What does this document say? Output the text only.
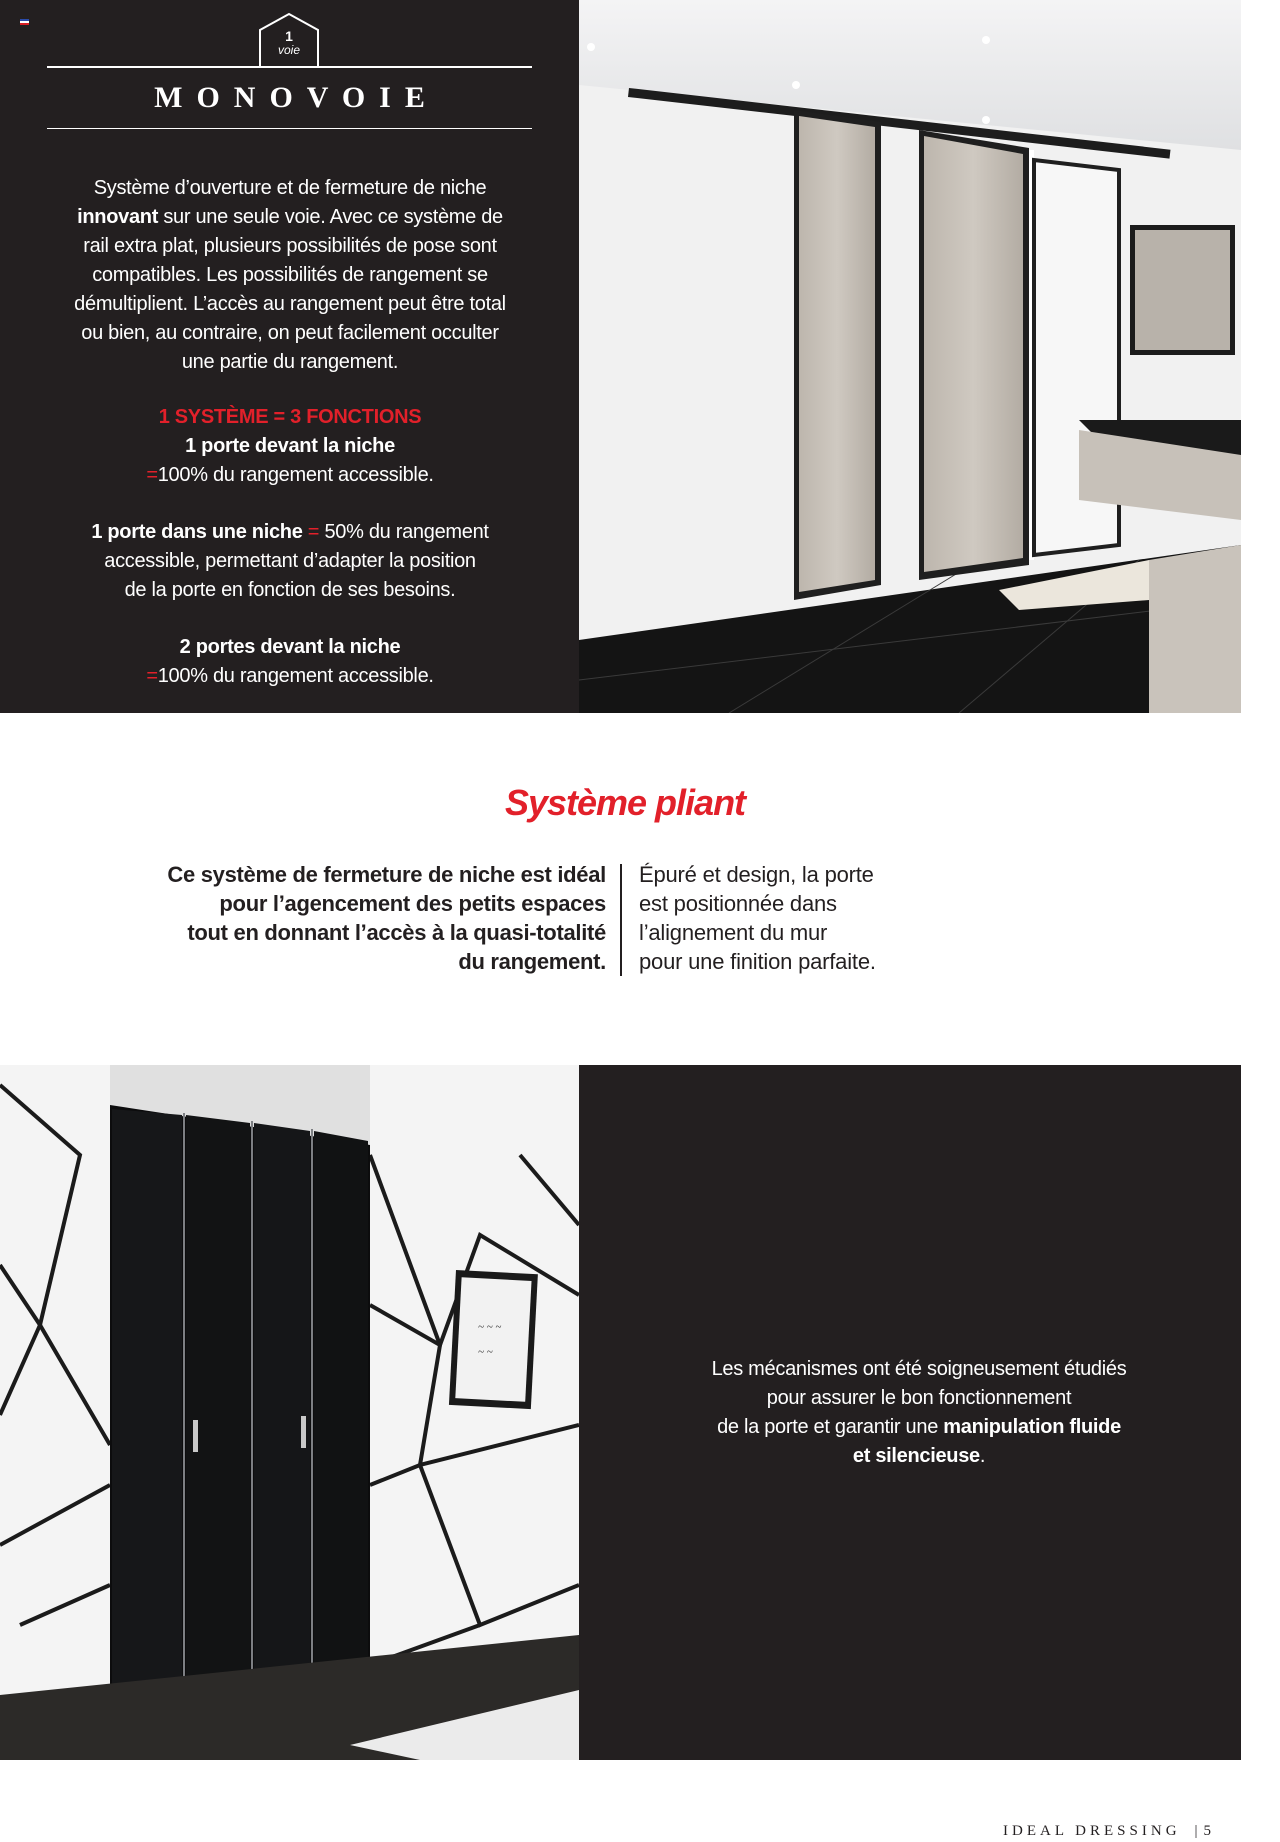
1
voie
MONOVOIE
Système d’ouverture et de fermeture de niche
innovant sur une seule voie. Avec ce système de
rail extra plat, plusieurs possibilités de pose sont
compatibles. Les possibilités de rangement se
démultiplient. L’accès au rangement peut être total
ou bien, au contraire, on peut facilement occulter
une partie du rangement.
1 SYSTÈME = 3 FONCTIONS
1 porte devant la niche
=100% du rangement accessible.
1 porte dans une niche = 50% du rangement
accessible, permettant d’adapter la position
de la porte en fonction de ses besoins.
2 portes devant la niche
=100% du rangement accessible.
Système pliant
Ce système de fermeture de niche est idéal
pour l’agencement des petits espaces
tout en donnant l’accès à la quasi-totalité
du rangement.
Épuré et design, la porte
est positionnée dans
l’alignement du mur
pour une finition parfaite.
~ ~ ~
~ ~
Les mécanismes ont été soigneusement étudiés
pour assurer le bon fonctionnement
de la porte et garantir une manipulation fluide
et silencieuse.
IDEAL DRESSING | 5
